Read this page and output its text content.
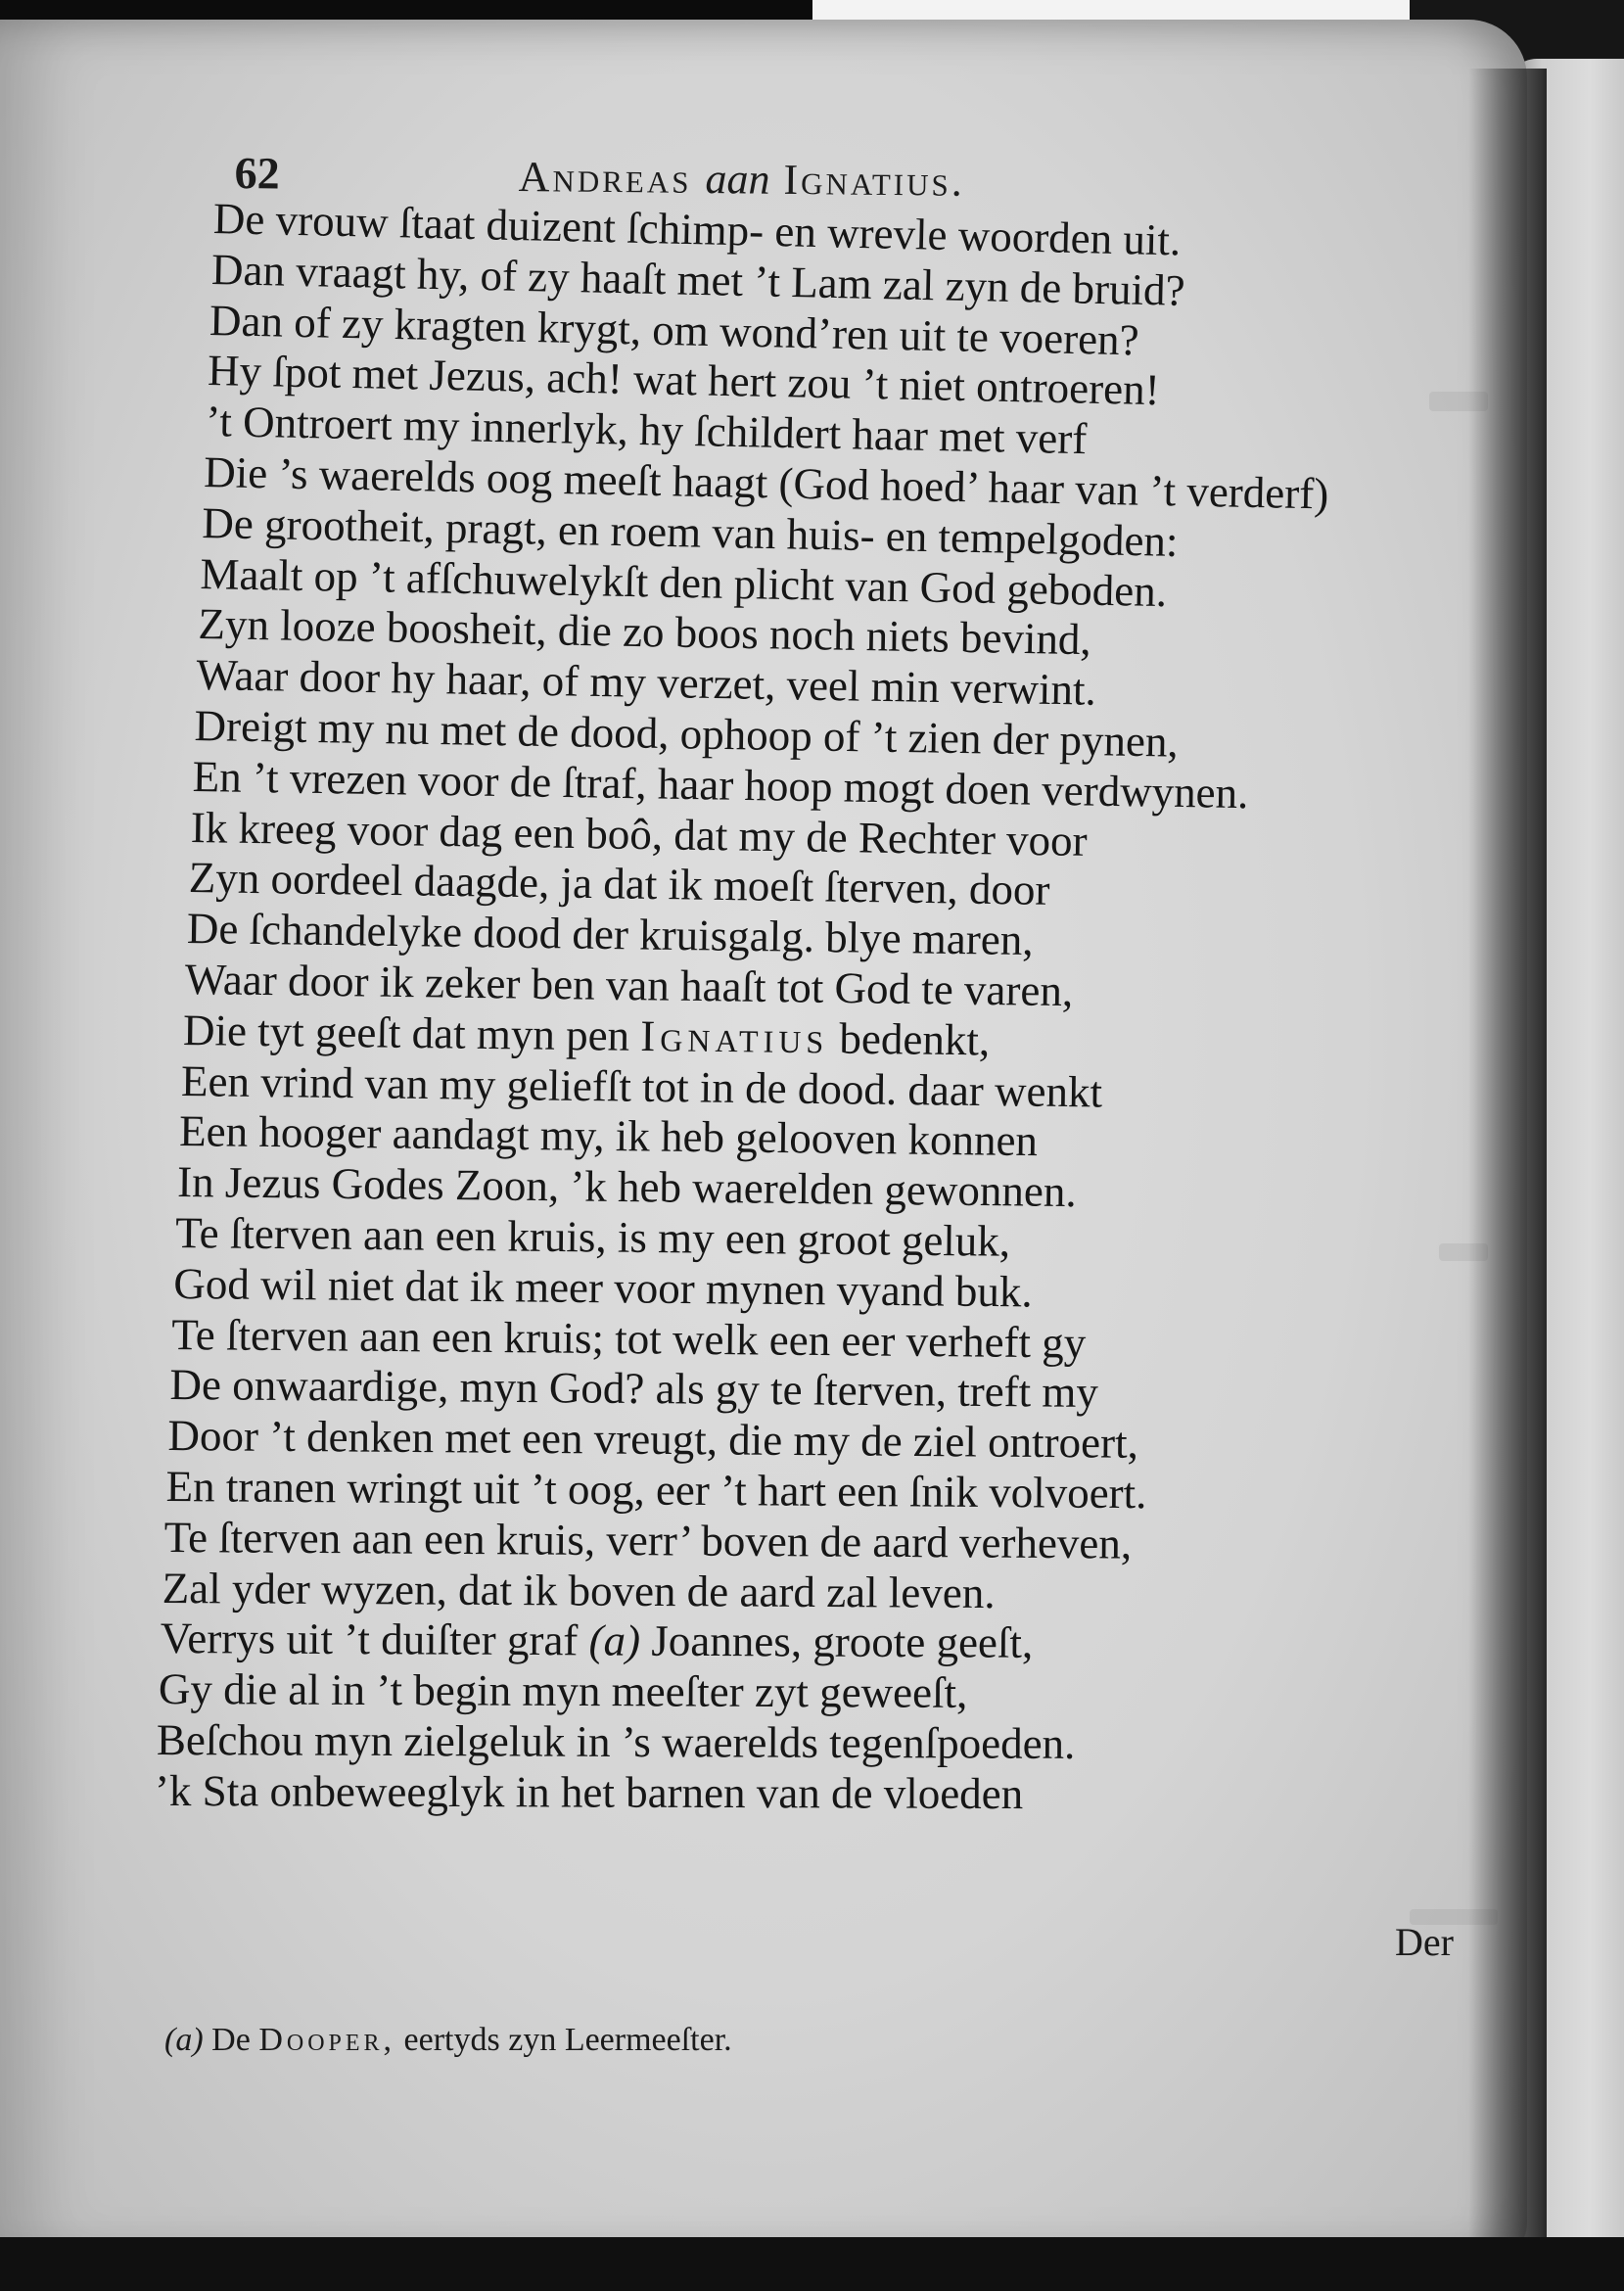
62	Andreas aan Ignatius.
De vrouw ſtaat duizent ſchimp- en wrevle woorden uit.
Dan vraagt hy, of zy haaſt met ’t Lam zal zyn de bruid?
Dan of zy kragten krygt, om wond’ren uit te voeren?
Hy ſpot met Jezus, ach! wat hert zou ’t niet ontroeren!
’t Ontroert my innerlyk, hy ſchildert haar met verf
Die ’s waerelds oog meeſt haagt (God hoed’ haar van ’t verderf)
De grootheit, pragt, en roem van huis- en tempelgoden:
Maalt op ’t afſchuwelykſt den plicht van God geboden.
Zyn looze boosheit, die zo boos noch niets bevind,
Waar door hy haar, of my verzet, veel min verwint.
Dreigt my nu met de dood, ophoop of ’t zien der pynen,
En ’t vrezen voor de ſtraf, haar hoop mogt doen verdwynen.
Ik kreeg voor dag een boô, dat my de Rechter voor
Zyn oordeel daagde, ja dat ik moeſt ſterven, door
De ſchandelyke dood der kruisgalg. blye maren,
Waar door ik zeker ben van haaſt tot God te varen,
Die tyt geeſt dat myn pen Ignatius bedenkt,
Een vrind van my geliefſt tot in de dood. daar wenkt
Een hooger aandagt my, ik heb gelooven konnen
In Jezus Godes Zoon, ’k heb waerelden gewonnen.
Te ſterven aan een kruis, is my een groot geluk,
God wil niet dat ik meer voor mynen vyand buk.
Te ſterven aan een kruis; tot welk een eer verheft gy
De onwaardige, myn God? als gy te ſterven, treft my
Door ’t denken met een vreugt, die my de ziel ontroert,
En tranen wringt uit ’t oog, eer ’t hart een ſnik volvoert.
Te ſterven aan een kruis, verr’ boven de aard verheven,
Zal yder wyzen, dat ik boven de aard zal leven.
Verrys uit ’t duiſter graf (a) Joannes, groote geeſt,
Gy die al in ’t begin myn meeſter zyt geweeſt,
Beſchou myn zielgeluk in ’s waerelds tegenſpoeden.
’k Sta onbeweeglyk in het barnen van de vloeden
Der
(a) De Dooper, eertyds zyn Leermeeſter.
